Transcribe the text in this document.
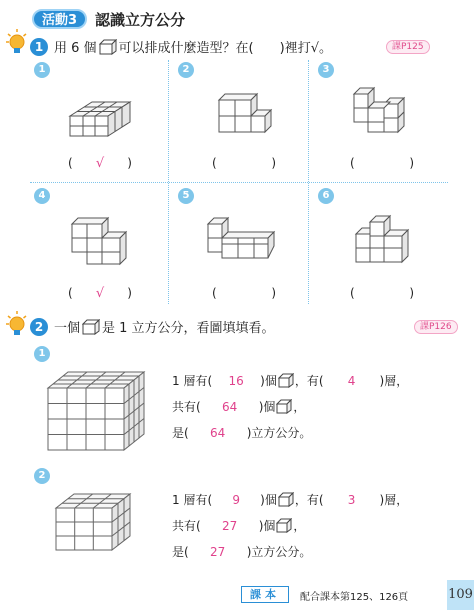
活動3	認識立方公分
1 用 6 個 可以排成什麼造型？在(　　)裡打√。	課P125
1
( √ )
2
(	)
3
(	)
4
( √ )
5
(	)
6
(	)
2 一個 是 1 立方公分，看圖填填看。	課P126
1
1 層有(	16	)個 ，有(	4	)層，
共有(	64	)個 ，
是(	64	)立方公分。
2
1 層有(	9	)個 ，有(	3	)層，
共有(	27	)個 ，
是(	27	)立方公分。
課本	配合課本第125、126頁	109
